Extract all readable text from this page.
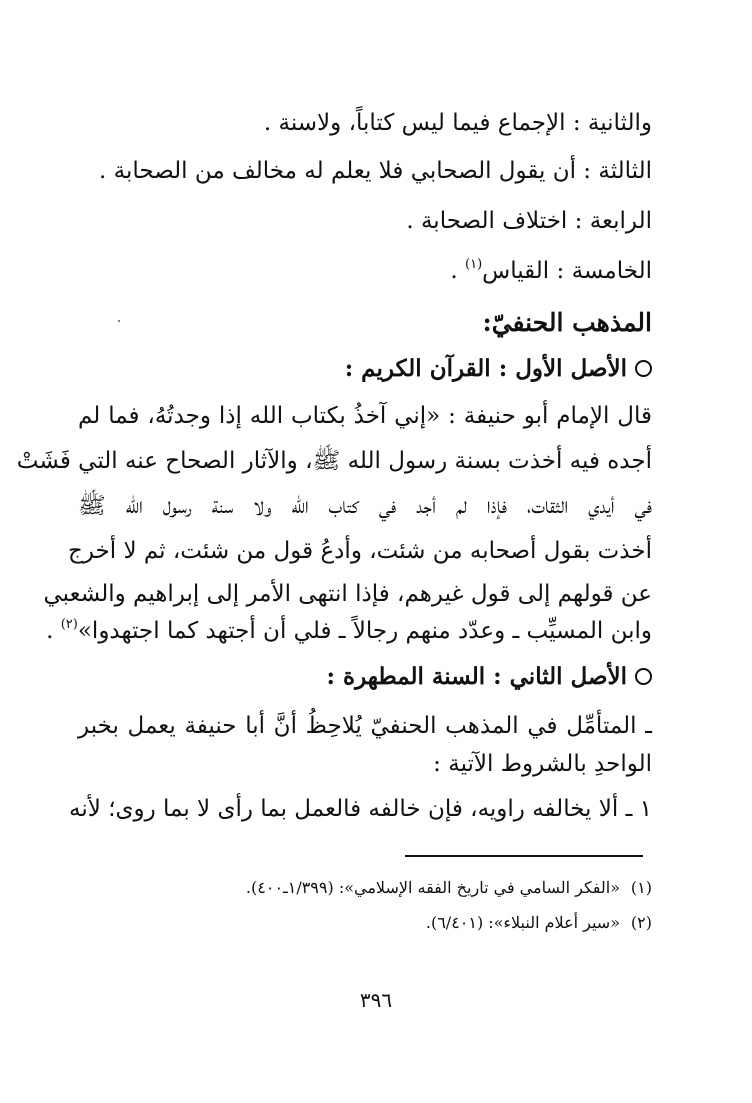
والثانية : الإجماع فيما ليس كتاباً، ولاسنة .
الثالثة : أن يقول الصحابي فلا يعلم له مخالف من الصحابة .
الرابعة : اختلاف الصحابة .
الخامسة : القياس$^{(١)}$ .
المذهب الحنفيّ:
الأصل الأول : القرآن الكريم :
قال الإمام أبو حنيفة : «إني آخذُ بكتاب الله إذا وجدتُهُ، فما لم
أجده فيه أخذت بسنة رسول الله ﷺ، والآثار الصحاح عنه التي فَشَتْ
في أيدي الثقات، فإذا لم أجد في كتاب الله ولا سنة رسول الله ﷺ
أخذت بقول أصحابه من شئت، وأدعُ قول من شئت، ثم لا أخرج
عن قولهم إلى قول غيرهم، فإذا انتهى الأمر إلى إبراهيم والشعبي
وابن المسيِّب ـ وعدّد منهم رجالاً ـ فلي أن أجتهد كما اجتهدوا»$^{(٢)}$ .
الأصل الثاني : السنة المطهرة :
ـ المتأمِّل في المذهب الحنفيّ يُلاحِظُ أنَّ أبا حنيفة يعمل بخبر
الواحدِ بالشروط الآتية :
١ ـ ألا يخالفه راويه، فإن خالفه فالعمل بما رأى لا بما روى؛ لأنه
(١)«الفكر السامي في تاريخ الفقه الإسلامي»: (١/٣٩٩ـ٤٠٠).
(٢)«سير أعلام النبلاء»: (٦/٤٠١).
٣٩٦
